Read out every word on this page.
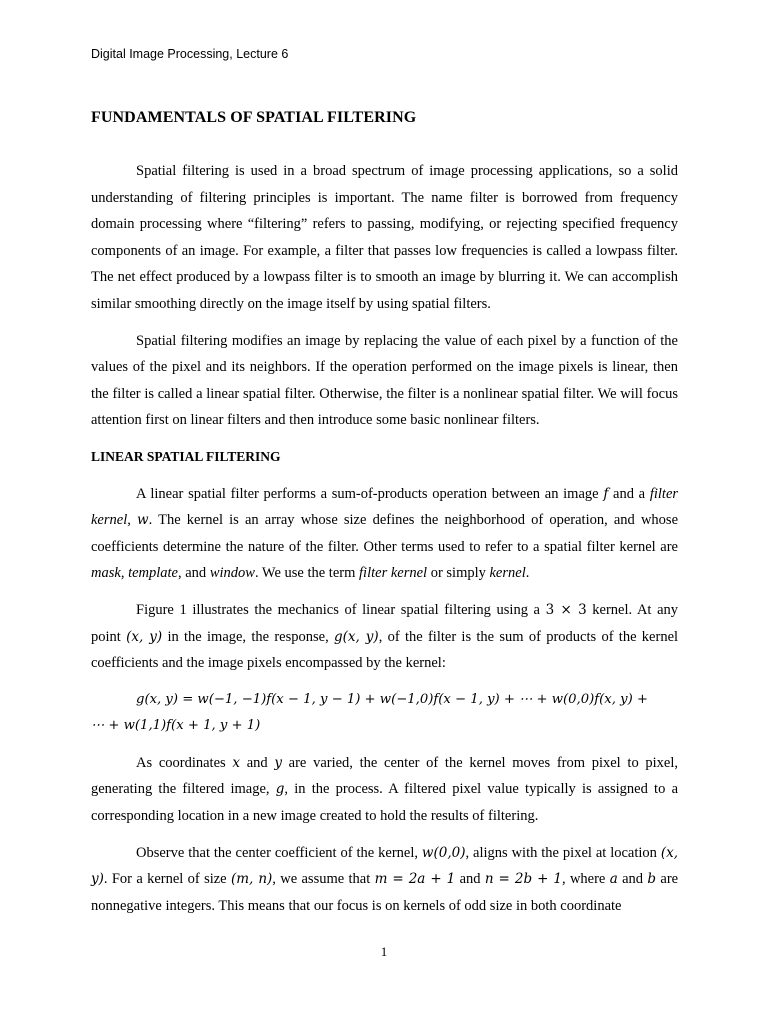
Digital Image Processing, Lecture 6
FUNDAMENTALS OF SPATIAL FILTERING

Spatial filtering is used in a broad spectrum of image processing applications, so a solid understanding of filtering principles is important. The name filter is borrowed from frequency domain processing where “filtering” refers to passing, modifying, or rejecting specified frequency components of an image. For example, a filter that passes low frequencies is called a lowpass filter. The net effect produced by a lowpass filter is to smooth an image by blurring it. We can accomplish similar smoothing directly on the image itself by using spatial filters.

Spatial filtering modifies an image by replacing the value of each pixel by a function of the values of the pixel and its neighbors. If the operation performed on the image pixels is linear, then the filter is called a linear spatial filter. Otherwise, the filter is a nonlinear spatial filter. We will focus attention first on linear filters and then introduce some basic nonlinear filters.

LINEAR SPATIAL FILTERING

A linear spatial filter performs a sum-of-products operation between an image f and a filter kernel, w. The kernel is an array whose size defines the neighborhood of operation, and whose coefficients determine the nature of the filter. Other terms used to refer to a spatial filter kernel are mask, template, and window. We use the term filter kernel or simply kernel.

Figure 1 illustrates the mechanics of linear spatial filtering using a 3 × 3 kernel. At any point (x, y) in the image, the response, g(x, y), of the filter is the sum of products of the kernel coefficients and the image pixels encompassed by the kernel:

g(x, y) = w(−1, −1)f(x − 1, y − 1) + w(−1,0)f(x − 1, y) + ⋯ + w(0,0)f(x, y) +
⋯ + w(1,1)f(x + 1, y + 1)

As coordinates x and y are varied, the center of the kernel moves from pixel to pixel, generating the filtered image, g, in the process. A filtered pixel value typically is assigned to a corresponding location in a new image created to hold the results of filtering.

Observe that the center coefficient of the kernel, w(0,0), aligns with the pixel at location (x, y). For a kernel of size (m, n), we assume that m = 2a + 1 and n = 2b + 1, where a and b are nonnegative integers. This means that our focus is on kernels of odd size in both coordinate

1
